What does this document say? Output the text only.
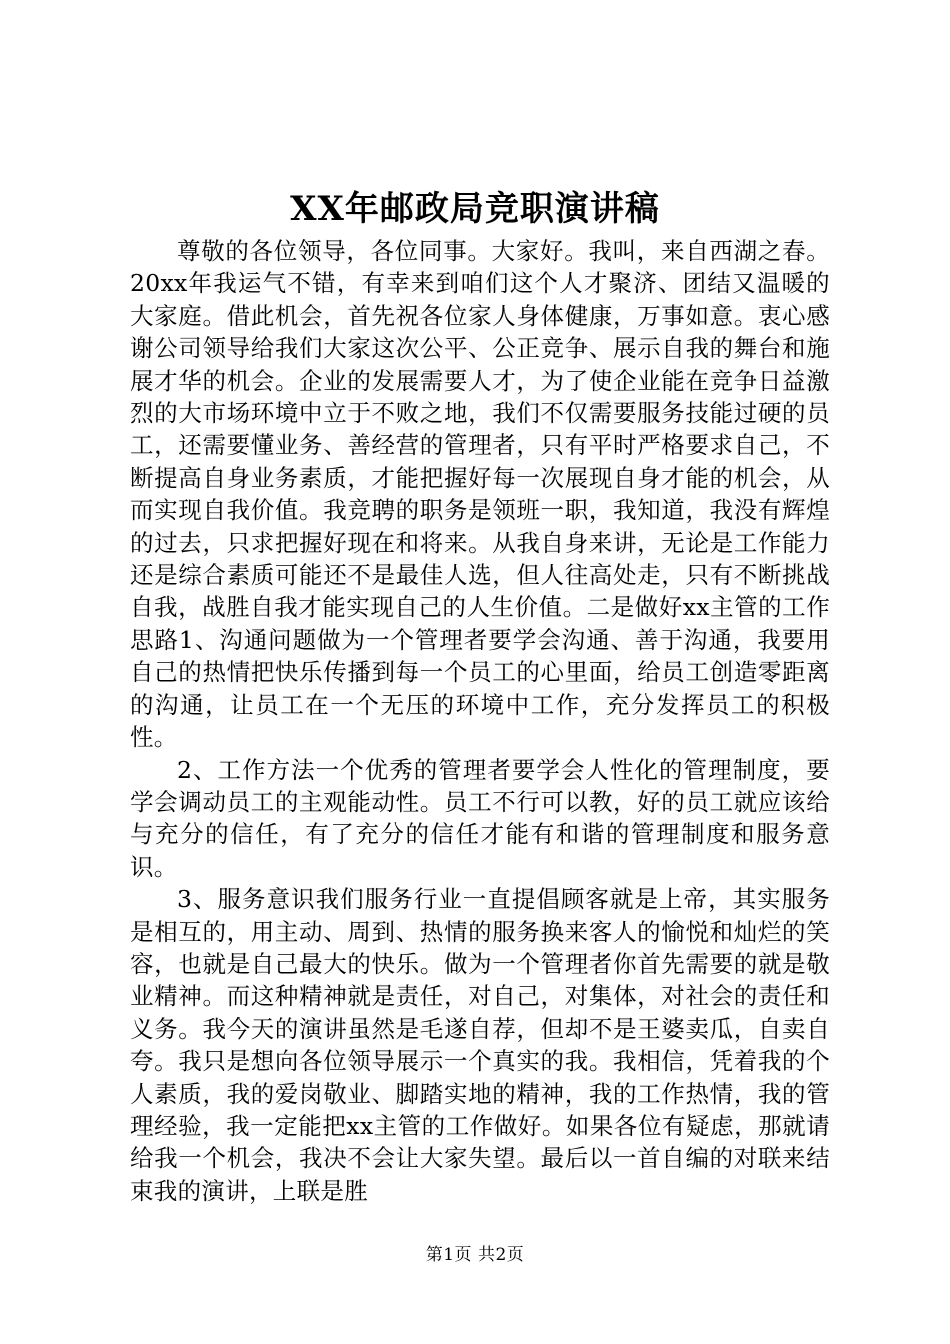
XX年邮政局竞职演讲稿

尊敬的各位领导，各位同事。大家好。我叫，来自西湖之春。20xx年我运气不错，有幸来到咱们这个人才聚济、团结又温暖的大家庭。借此机会，首先祝各位家人身体健康，万事如意。衷心感谢公司领导给我们大家这次公平、公正竞争、展示自我的舞台和施展才华的机会。企业的发展需要人才，为了使企业能在竞争日益激烈的大市场环境中立于不败之地，我们不仅需要服务技能过硬的员工，还需要懂业务、善经营的管理者，只有平时严格要求自己，不断提高自身业务素质，才能把握好每一次展现自身才能的机会，从而实现自我价值。我竞聘的职务是领班一职，我知道，我没有辉煌的过去，只求把握好现在和将来。从我自身来讲，无论是工作能力还是综合素质可能还不是最佳人选，但人往高处走，只有不断挑战自我，战胜自我才能实现自己的人生价值。二是做好xx主管的工作思路1、沟通问题做为一个管理者要学会沟通、善于沟通，我要用自己的热情把快乐传播到每一个员工的心里面，给员工创造零距离的沟通，让员工在一个无压的环境中工作，充分发挥员工的积极性。

2、工作方法一个优秀的管理者要学会人性化的管理制度，要学会调动员工的主观能动性。员工不行可以教，好的员工就应该给与充分的信任，有了充分的信任才能有和谐的管理制度和服务意识。

3、服务意识我们服务行业一直提倡顾客就是上帝，其实服务是相互的，用主动、周到、热情的服务换来客人的愉悦和灿烂的笑容，也就是自己最大的快乐。做为一个管理者你首先需要的就是敬业精神。而这种精神就是责任，对自己，对集体，对社会的责任和义务。我今天的演讲虽然是毛遂自荐，但却不是王婆卖瓜，自卖自夸。我只是想向各位领导展示一个真实的我。我相信，凭着我的个人素质，我的爱岗敬业、脚踏实地的精神，我的工作热情，我的管理经验，我一定能把xx主管的工作做好。如果各位有疑虑，那就请给我一个机会，我决不会让大家失望。最后以一首自编的对联来结束我的演讲，上联是胜

第1页 共2页
